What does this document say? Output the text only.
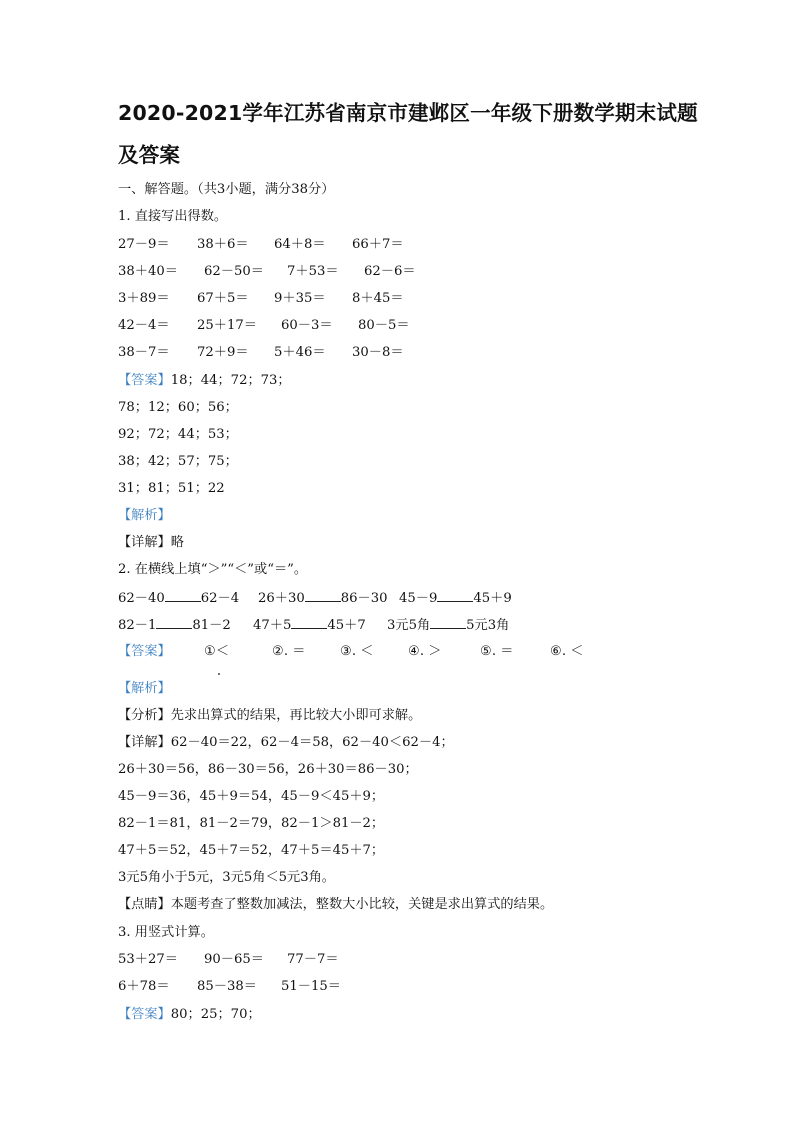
2020-2021学年江苏省南京市建邺区一年级下册数学期末试题及答案
一、解答题。（共3小题，满分38分）
1. 直接写出得数。
27－9＝ 38＋6＝ 64＋8＝ 66＋7＝
38＋40＝ 62－50＝ 7＋53＝ 62－6＝
3＋89＝ 67＋5＝ 9＋35＝ 8＋45＝
42－4＝ 25＋17＝ 60－3＝ 80－5＝
38－7＝ 72＋9＝ 5＋46＝ 30－8＝
【答案】18；44；72；73；
78；12；60；56；
92；72；44；53；
38；42；57；75；
31；81；51；22
【解析】
【详解】略
2. 在横线上填“＞”“＜”或“＝”。
62－40	62－4 26＋30	86－30 45－9	45＋9
82－1	81－2 47＋5	45＋7 3元5角	5元3角
【答案】	①＜	②. ＝	③. ＜	④. ＞	⑤. ＝	⑥. ＜
【解析】
【分析】先求出算式的结果，再比较大小即可求解。
【详解】62－40＝22，62－4＝58，62－40＜62－4；
26＋30＝56，86－30＝56，26＋30＝86－30；
45－9＝36，45＋9＝54，45－9＜45＋9；
82－1＝81，81－2＝79，82－1＞81－2；
47＋5＝52，45＋7＝52，47＋5＝45＋7；
3元5角小于5元，3元5角＜5元3角。
【点睛】本题考查了整数加减法，整数大小比较，关键是求出算式的结果。
3. 用竖式计算。
53＋27＝ 90－65＝ 77－7＝
6＋78＝ 85－38＝ 51－15＝
【答案】80；25；70；
